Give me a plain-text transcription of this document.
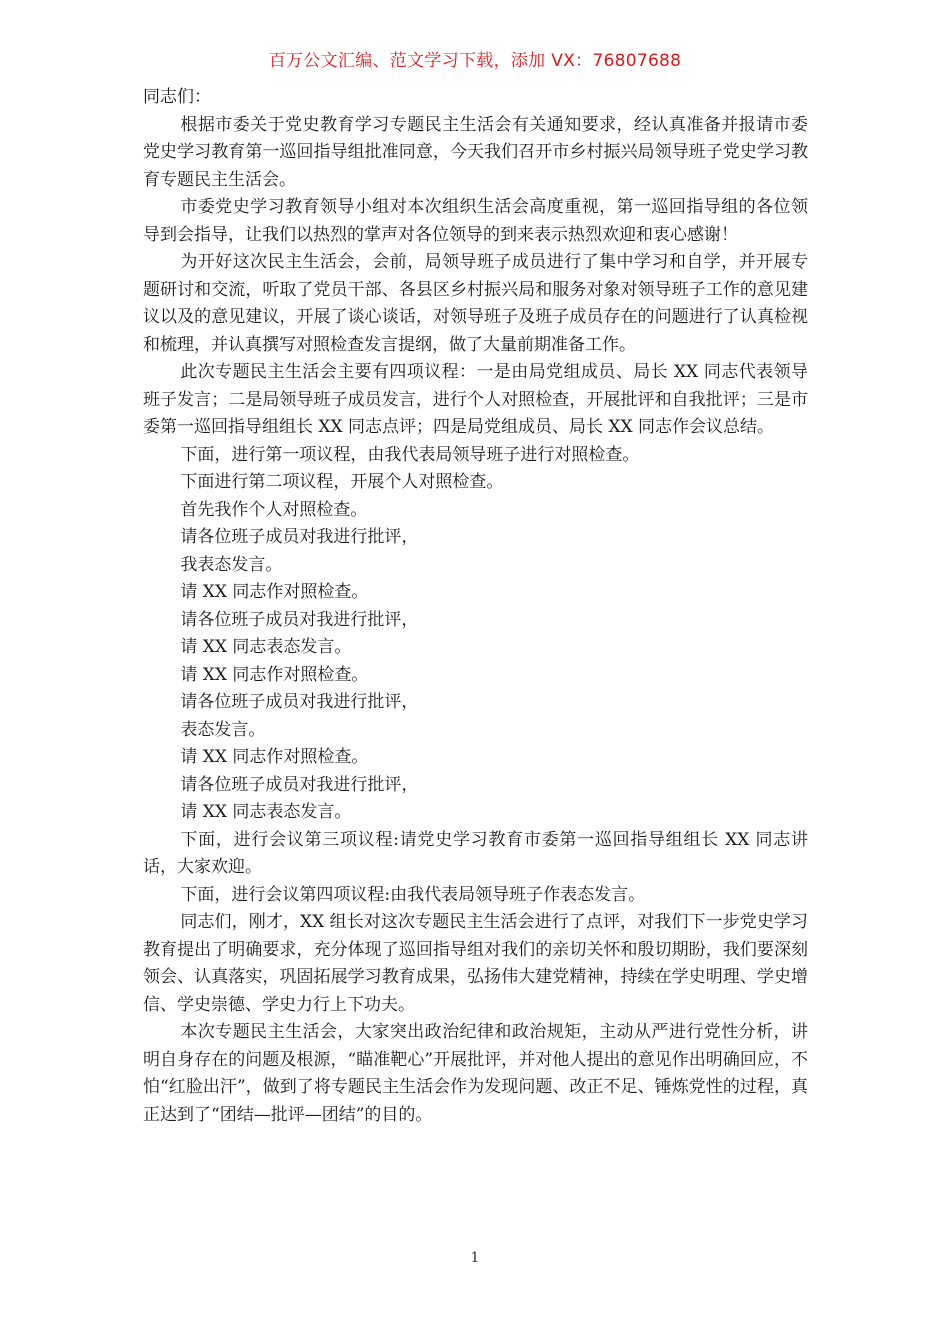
百万公文汇编、范文学习下载，添加 VX：76807688

同志们：

根据市委关于党史教育学习专题民主生活会有关通知要求，经认真准备并报请市委党史学习教育第一巡回指导组批准同意，今天我们召开市乡村振兴局领导班子党史学习教育专题民主生活会。

市委党史学习教育领导小组对本次组织生活会高度重视，第一巡回指导组的各位领导到会指导，让我们以热烈的掌声对各位领导的到来表示热烈欢迎和衷心感谢！

为开好这次民主生活会，会前，局领导班子成员进行了集中学习和自学，并开展专题研讨和交流，听取了党员干部、各县区乡村振兴局和服务对象对领导班子工作的意见建议以及的意见建议，开展了谈心谈话，对领导班子及班子成员存在的问题进行了认真检视和梳理，并认真撰写对照检查发言提纲，做了大量前期准备工作。

此次专题民主生活会主要有四项议程：一是由局党组成员、局长 XX 同志代表领导班子发言；二是局领导班子成员发言，进行个人对照检查，开展批评和自我批评；三是市委第一巡回指导组组长 XX 同志点评；四是局党组成员、局长 XX 同志作会议总结。

下面，进行第一项议程，由我代表局领导班子进行对照检查。

下面进行第二项议程，开展个人对照检查。

首先我作个人对照检查。

请各位班子成员对我进行批评，

我表态发言。

请 XX 同志作对照检查。

请各位班子成员对我进行批评，

请 XX 同志表态发言。

请 XX 同志作对照检查。

请各位班子成员对我进行批评，

表态发言。

请 XX 同志作对照检查。

请各位班子成员对我进行批评，

请 XX 同志表态发言。

下面，进行会议第三项议程:请党史学习教育市委第一巡回指导组组长 XX 同志讲话，大家欢迎。

下面，进行会议第四项议程:由我代表局领导班子作表态发言。

同志们，刚才，XX 组长对这次专题民主生活会进行了点评，对我们下一步党史学习教育提出了明确要求，充分体现了巡回指导组对我们的亲切关怀和殷切期盼，我们要深刻领会、认真落实，巩固拓展学习教育成果，弘扬伟大建党精神，持续在学史明理、学史增信、学史崇德、学史力行上下功夫。

本次专题民主生活会，大家突出政治纪律和政治规矩，主动从严进行党性分析，讲明自身存在的问题及根源，“瞄准靶心”开展批评，并对他人提出的意见作出明确回应，不怕“红脸出汗”，做到了将专题民主生活会作为发现问题、改正不足、锤炼党性的过程，真正达到了“团结—批评—团结”的目的。

1
